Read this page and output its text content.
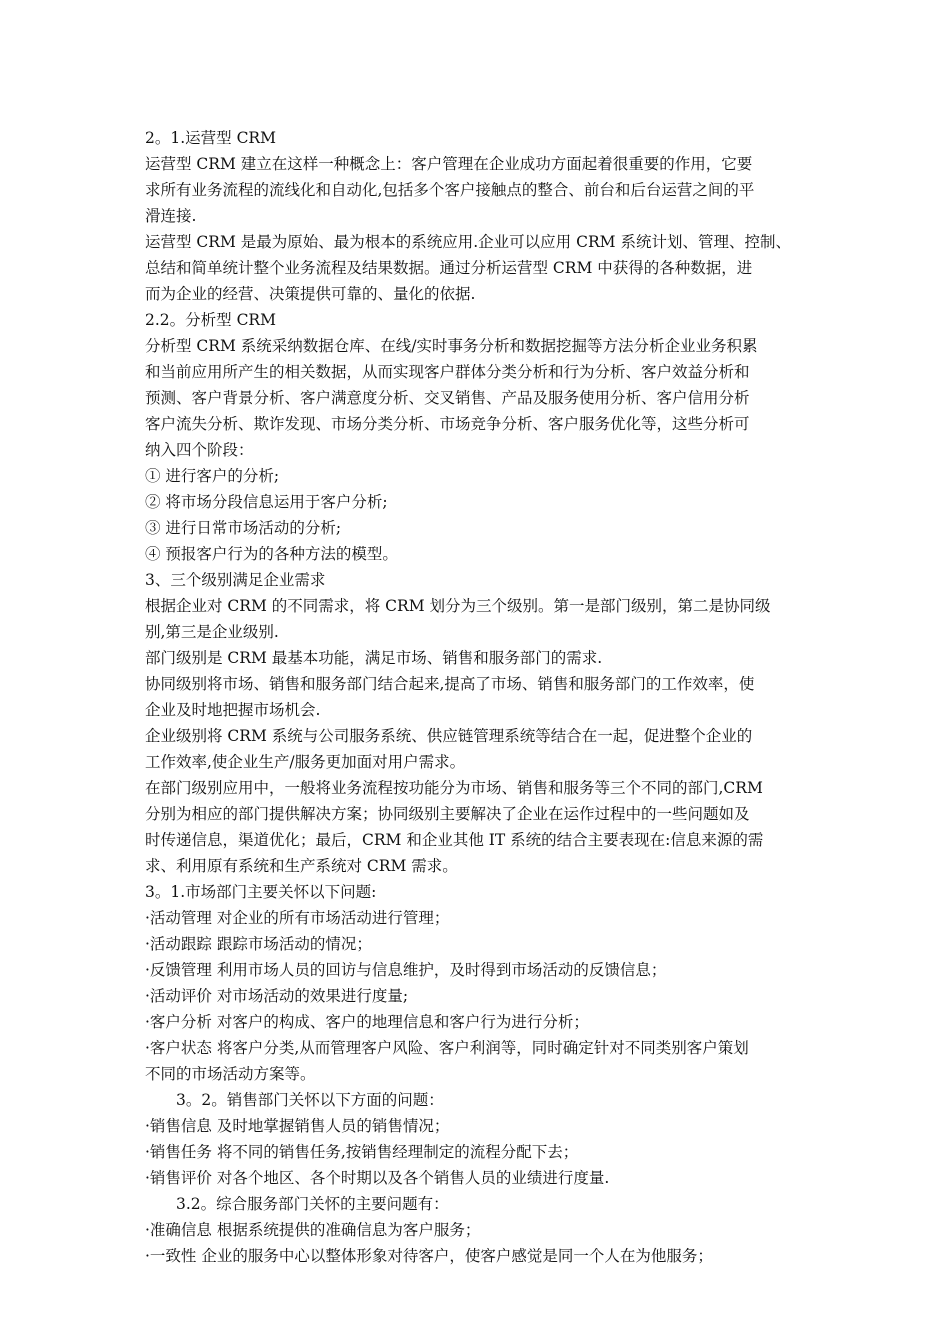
2。1.运营型 CRM
运营型 CRM 建立在这样一种概念上：客户管理在企业成功方面起着很重要的作用，它要
求所有业务流程的流线化和自动化,包括多个客户接触点的整合、前台和后台运营之间的平
滑连接.
运营型 CRM 是最为原始、最为根本的系统应用.企业可以应用 CRM 系统计划、管理、控制、
总结和简单统计整个业务流程及结果数据。通过分析运营型 CRM 中获得的各种数据，进
而为企业的经营、决策提供可靠的、量化的依据.
2.2。分析型 CRM
分析型 CRM 系统采纳数据仓库、在线/实时事务分析和数据挖掘等方法分析企业业务积累
和当前应用所产生的相关数据，从而实现客户群体分类分析和行为分析、客户效益分析和
预测、客户背景分析、客户满意度分析、交叉销售、产品及服务使用分析、客户信用分析
客户流失分析、欺诈发现、市场分类分析、市场竞争分析、客户服务优化等，这些分析可
纳入四个阶段：
① 进行客户的分析;
② 将市场分段信息运用于客户分析;
③ 进行日常市场活动的分析;
④ 预报客户行为的各种方法的模型。
3、三个级别满足企业需求
根据企业对 CRM 的不同需求，将 CRM 划分为三个级别。第一是部门级别，第二是协同级
别,第三是企业级别.
部门级别是 CRM 最基本功能，满足市场、销售和服务部门的需求.
协同级别将市场、销售和服务部门结合起来,提高了市场、销售和服务部门的工作效率，使
企业及时地把握市场机会.
企业级别将 CRM 系统与公司服务系统、供应链管理系统等结合在一起，促进整个企业的
工作效率,使企业生产/服务更加面对用户需求。
在部门级别应用中，一般将业务流程按功能分为市场、销售和服务等三个不同的部门,CRM
分别为相应的部门提供解决方案；协同级别主要解决了企业在运作过程中的一些问题如及
时传递信息，渠道优化；最后，CRM 和企业其他 IT 系统的结合主要表现在:信息来源的需
求、利用原有系统和生产系统对 CRM 需求。
3。1.市场部门主要关怀以下问题:
·活动管理 对企业的所有市场活动进行管理；
·活动跟踪 跟踪市场活动的情况；
·反馈管理 利用市场人员的回访与信息维护，及时得到市场活动的反馈信息；
·活动评价 对市场活动的效果进行度量;
·客户分析 对客户的构成、客户的地理信息和客户行为进行分析；
·客户状态 将客户分类,从而管理客户风险、客户利润等，同时确定针对不同类别客户策划
不同的市场活动方案等。
3。2。销售部门关怀以下方面的问题：
·销售信息 及时地掌握销售人员的销售情况；
·销售任务 将不同的销售任务,按销售经理制定的流程分配下去；
·销售评价 对各个地区、各个时期以及各个销售人员的业绩进行度量.
3.2。综合服务部门关怀的主要问题有：
·准确信息 根据系统提供的准确信息为客户服务；
·一致性 企业的服务中心以整体形象对待客户，使客户感觉是同一个人在为他服务；
